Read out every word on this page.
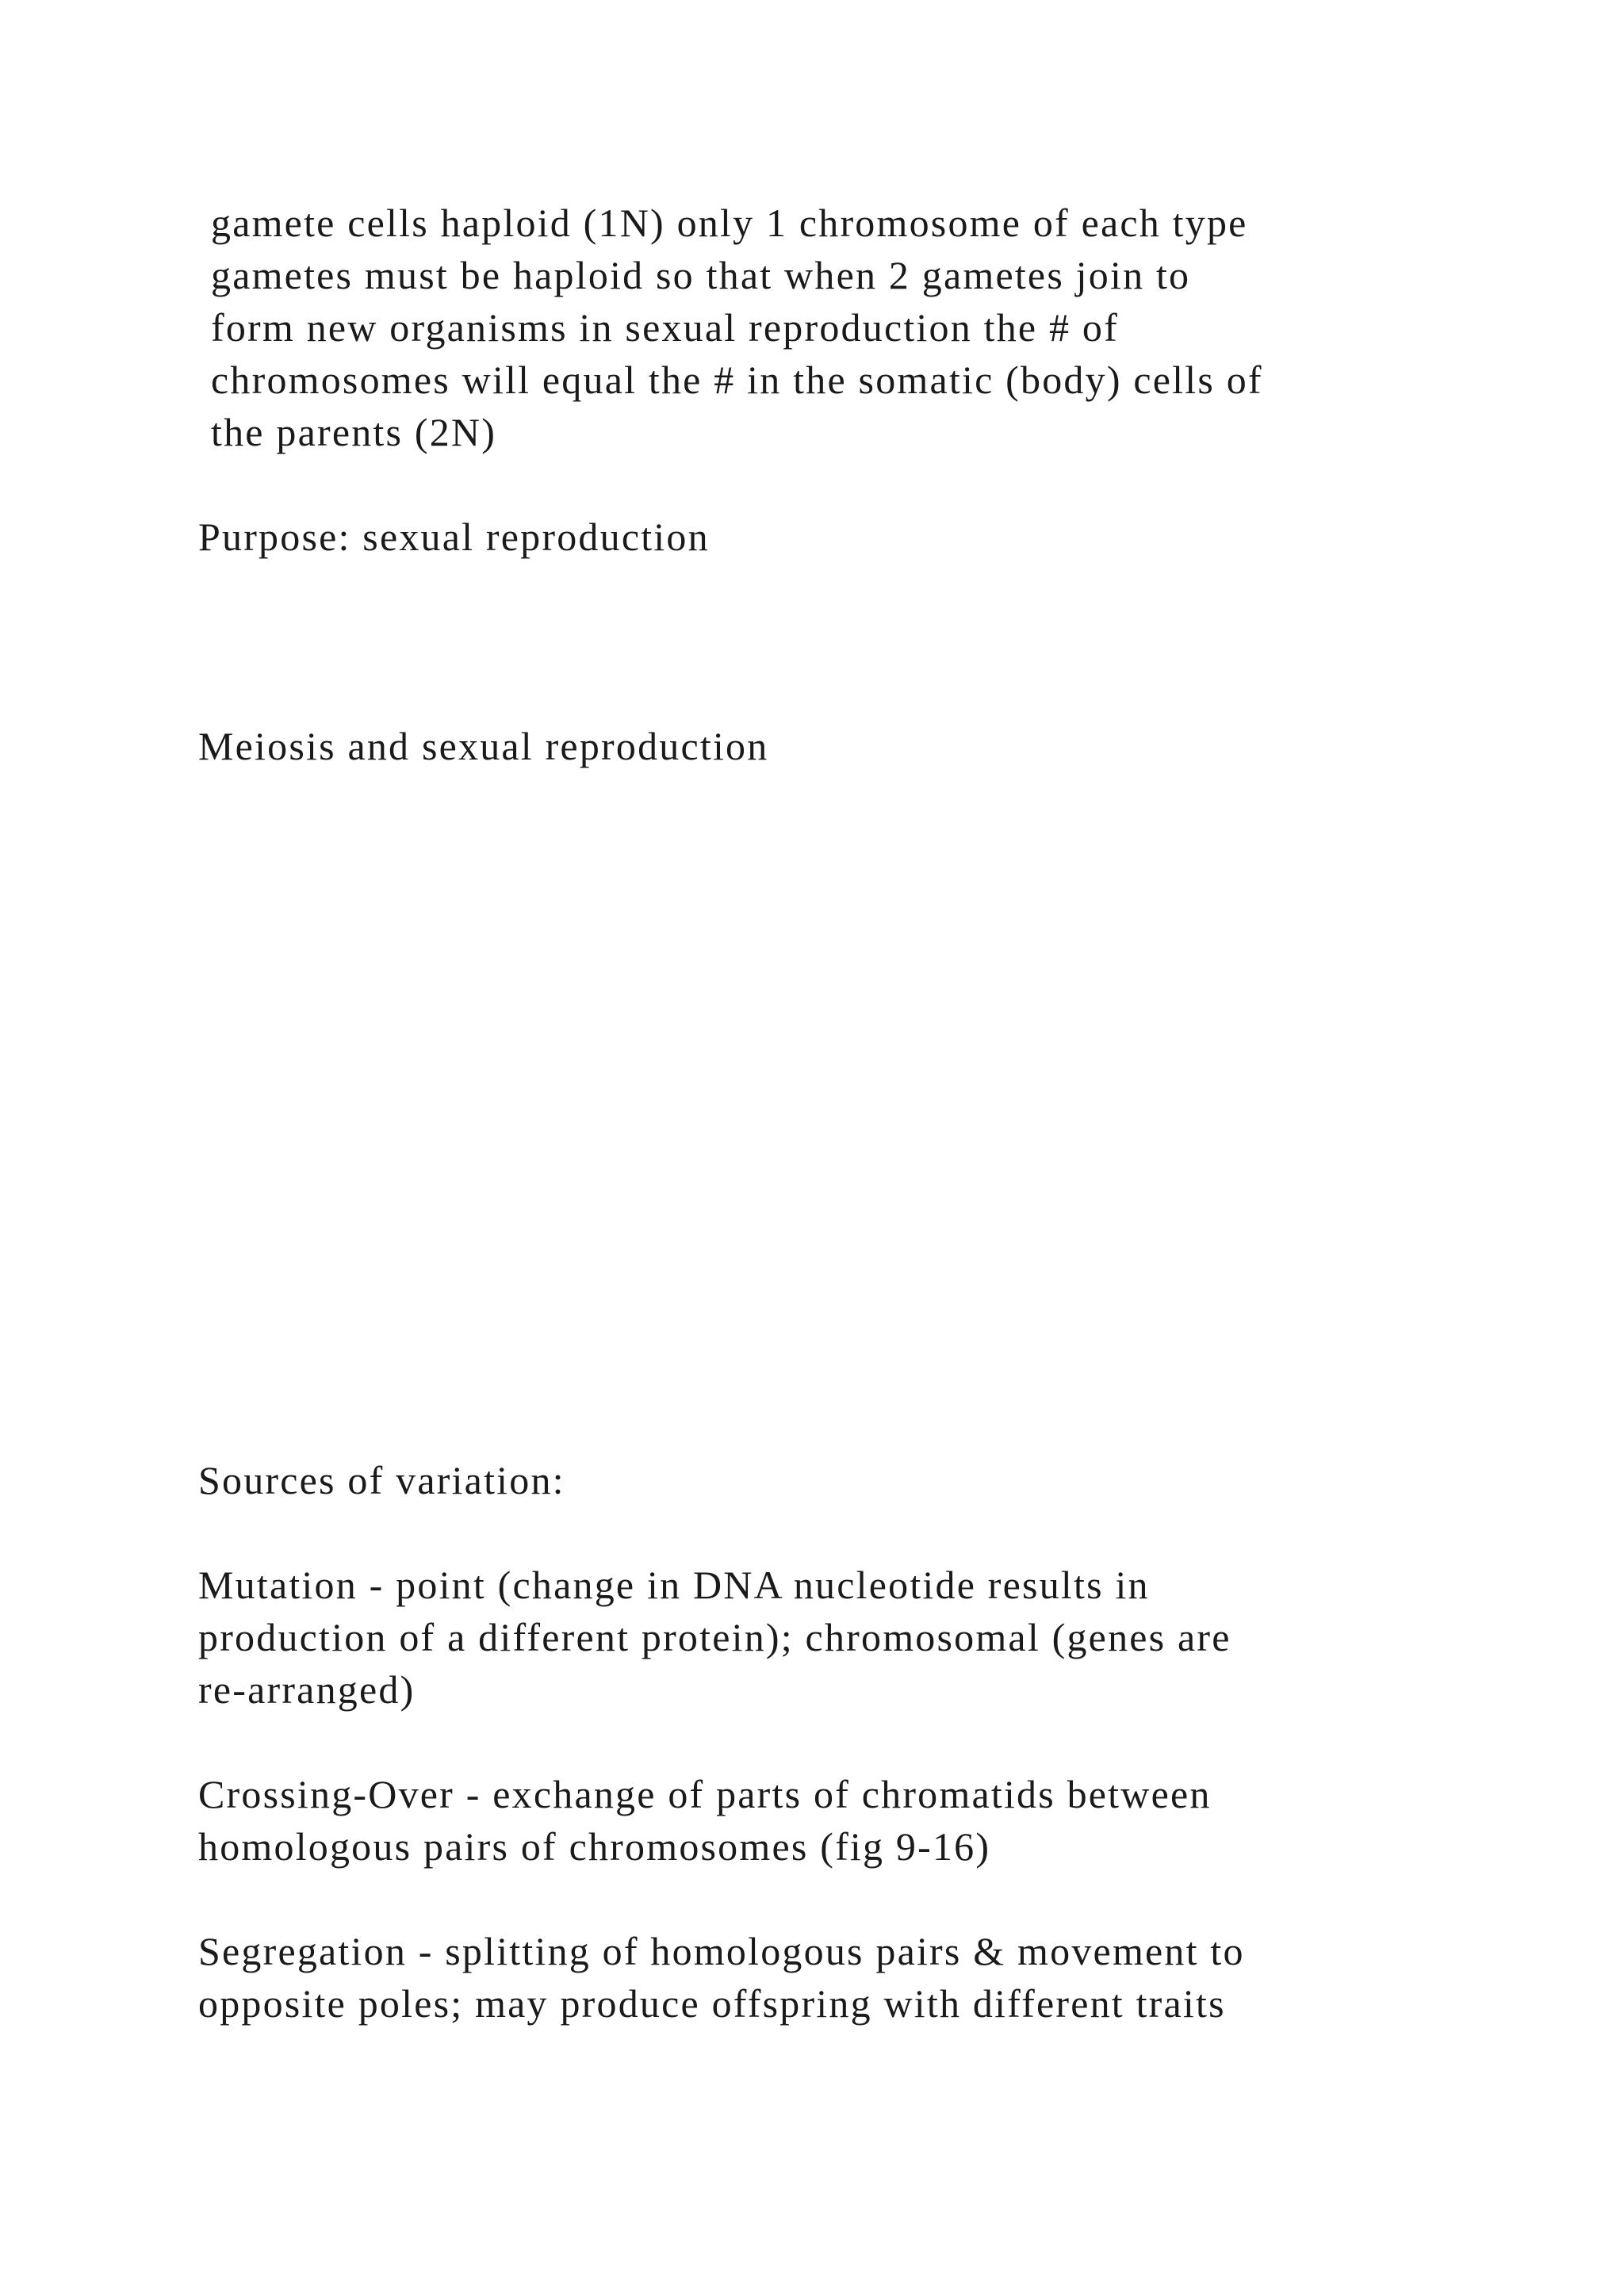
gamete cells haploid (1N) only 1 chromosome of each type

gametes must be haploid so that when 2 gametes join to

form new organisms in sexual reproduction the # of

chromosomes will equal the # in the somatic (body) cells of

the parents (2N)

Purpose: sexual reproduction

Meiosis and sexual reproduction

Sources of variation:

Mutation - point (change in DNA nucleotide results in

production of a different protein); chromosomal (genes are

re-arranged)

Crossing-Over - exchange of parts of chromatids between

homologous pairs of chromosomes (fig 9-16)

Segregation - splitting of homologous pairs & movement to

opposite poles; may produce offspring with different traits
